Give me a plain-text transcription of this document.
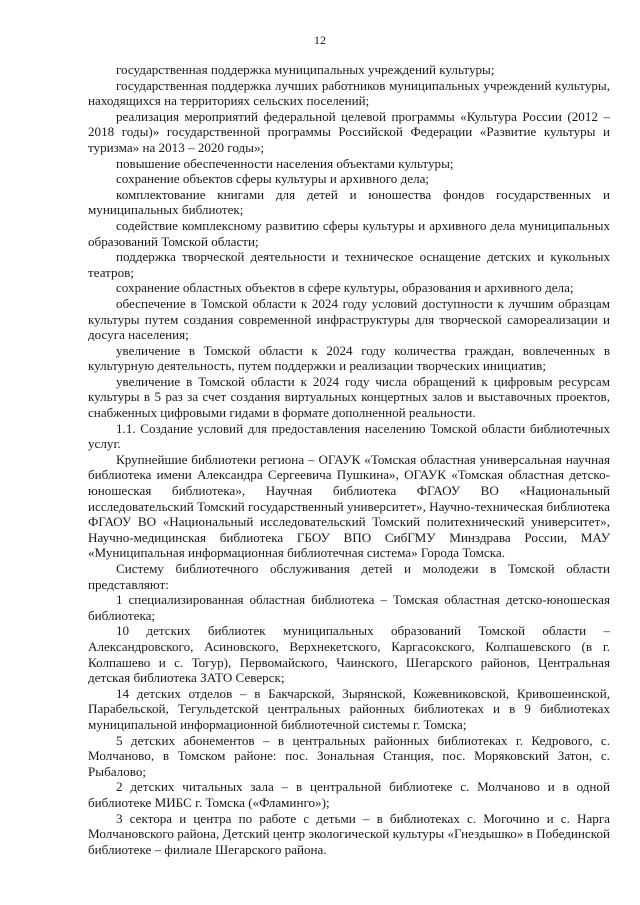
12

государственная поддержка муниципальных учреждений культуры;

государственная поддержка лучших работников муниципальных учреждений культуры, находящихся на территориях сельских поселений;

реализация мероприятий федеральной целевой программы «Культура России (2012 – 2018 годы)» государственной программы Российской Федерации «Развитие культуры и туризма» на 2013 – 2020 годы»;

повышение обеспеченности населения объектами культуры;

сохранение объектов сферы культуры и архивного дела;

комплектование книгами для детей и юношества фондов государственных и муниципальных библиотек;

содействие комплексному развитию сферы культуры и архивного дела муниципальных образований Томской области;

поддержка творческой деятельности и техническое оснащение детских и кукольных театров;

сохранение областных объектов в сфере культуры, образования и архивного дела;

обеспечение в Томской области к 2024 году условий доступности к лучшим образцам культуры путем создания современной инфраструктуры для творческой самореализации и досуга населения;

увеличение в Томской области к 2024 году количества граждан, вовлеченных в культурную деятельность, путем поддержки и реализации творческих инициатив;

увеличение в Томской области к 2024 году числа обращений к цифровым ресурсам культуры в 5 раз за счет создания виртуальных концертных залов и выставочных проектов, снабженных цифровыми гидами в формате дополненной реальности.

1.1. Создание условий для предоставления населению Томской области библиотечных услуг.

Крупнейшие библиотеки региона – ОГАУК «Томская областная универсальная научная библиотека имени Александра Сергеевича Пушкина», ОГАУК «Томская областная детско-юношеская библиотека», Научная библиотека ФГАОУ ВО «Национальный исследовательский Томский государственный университет», Научно-техническая библиотека ФГАОУ ВО «Национальный исследовательский Томский политехнический университет», Научно-медицинская библиотека ГБОУ ВПО СибГМУ Минздрава России, МАУ «Муниципальная информационная библиотечная система» Города Томска.

Систему библиотечного обслуживания детей и молодежи в Томской области представляют:

1 специализированная областная библиотека – Томская областная детско-юношеская библиотека;

10 детских библиотек муниципальных образований Томской области – Александровского, Асиновского, Верхнекетского, Каргасокского, Колпашевского (в г. Колпашево и с. Тогур), Первомайского, Чаинского, Шегарского районов, Центральная детская библиотека ЗАТО Северск;

14 детских отделов – в Бакчарской, Зырянской, Кожевниковской, Кривошеинской, Парабельской, Тегульдетской центральных районных библиотеках и в 9 библиотеках муниципальной информационной библиотечной системы г. Томска;

5 детских абонементов – в центральных районных библиотеках г. Кедрового, с. Молчаново, в Томском районе: пос. Зональная Станция, пос. Моряковский Затон, с. Рыбалово;

2 детских читальных зала – в центральной библиотеке с. Молчаново и в одной библиотеке МИБС г. Томска («Фламинго»);

3 сектора и центра по работе с детьми – в библиотеках с. Могочино и с. Нарга Молчановского района, Детский центр экологической культуры «Гнездышко» в Побединской библиотеке – филиале Шегарского района.
